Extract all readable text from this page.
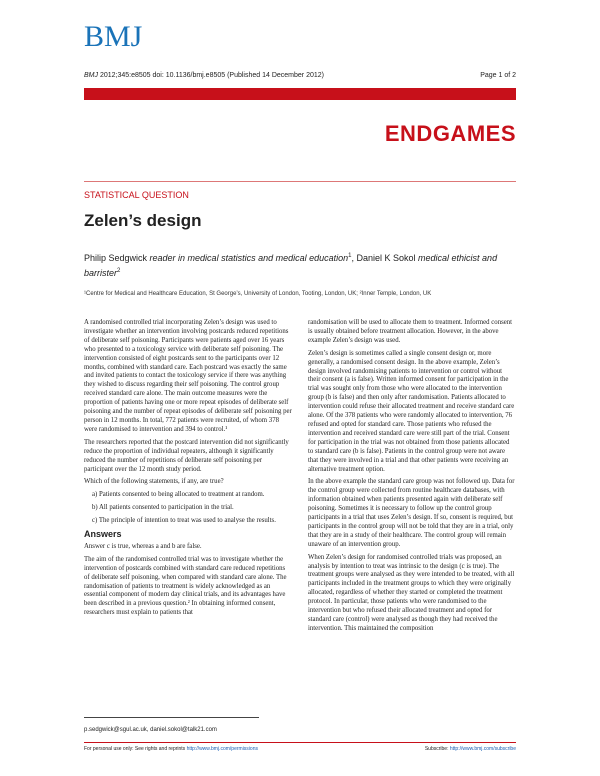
BMJ
BMJ 2012;345:e8505 doi: 10.1136/bmj.e8505 (Published 14 December 2012)	Page 1 of 2
ENDGAMES
STATISTICAL QUESTION
Zelen’s design
Philip Sedgwick reader in medical statistics and medical education$^1$, Daniel K Sokol medical ethicist and barrister$^2$
¹Centre for Medical and Healthcare Education, St George’s, University of London, Tooting, London, UK; ²Inner Temple, London, UK

A randomised controlled trial incorporating Zelen’s design was used to investigate whether an intervention involving postcards reduced repetitions of deliberate self poisoning. Participants were patients aged over 16 years who presented to a toxicology service with deliberate self poisoning. The intervention consisted of eight postcards sent to the participants over 12 months, combined with standard care. Each postcard was exactly the same and invited patients to contact the toxicology service if there was anything they wished to discuss regarding their self poisoning. The control group received standard care alone. The main outcome measures were the proportion of patients having one or more repeat episodes of deliberate self poisoning and the number of repeat episodes of deliberate self poisoning per person in 12 months. In total, 772 patients were recruited, of whom 378 were randomised to intervention and 394 to control.¹

The researchers reported that the postcard intervention did not significantly reduce the proportion of individual repeaters, although it significantly reduced the number of repetitions of deliberate self poisoning per participant over the 12 month study period.

Which of the following statements, if any, are true?

a) Patients consented to being allocated to treatment at random.

b) All patients consented to participation in the trial.

c) The principle of intention to treat was used to analyse the results.

Answers

Answer c is true, whereas a and b are false.

The aim of the randomised controlled trial was to investigate whether the intervention of postcards combined with standard care reduced repetitions of deliberate self poisoning, when compared with standard care alone. The randomisation of patients to treatment is widely acknowledged as an essential component of modern day clinical trials, and its advantages have been described in a previous question.² In obtaining informed consent, researchers must explain to patients that

randomisation will be used to allocate them to treatment. Informed consent is usually obtained before treatment allocation. However, in the above example Zelen’s design was used.

Zelen’s design is sometimes called a single consent design or, more generally, a randomised consent design. In the above example, Zelen’s design involved randomising patients to intervention or control without their consent (a is false). Written informed consent for participation in the trial was sought only from those who were allocated to the intervention group (b is false) and then only after randomisation. Patients allocated to intervention could refuse their allocated treatment and receive standard care alone. Of the 378 patients who were randomly allocated to intervention, 76 refused and opted for standard care. Those patients who refused the intervention and received standard care were still part of the trial. Consent for participation in the trial was not obtained from those patients allocated to standard care (b is false). Patients in the control group were not aware that they were involved in a trial and that other patients were receiving an alternative treatment option.

In the above example the standard care group was not followed up. Data for the control group were collected from routine healthcare databases, with information obtained when patients presented again with deliberate self poisoning. Sometimes it is necessary to follow up the control group participants in a trial that uses Zelen’s design. If so, consent is required, but participants in the control group will not be told that they are in a trial, only that they are in a study of their healthcare. The control group will remain unaware of an intervention group.

When Zelen’s design for randomised controlled trials was proposed, an analysis by intention to treat was intrinsic to the design (c is true). The treatment groups were analysed as they were intended to be treated, with all participants included in the treatment groups to which they were originally allocated, regardless of whether they started or completed the treatment protocol. In particular, those patients who were randomised to the intervention but who refused their allocated treatment and opted for standard care (control) were analysed as though they had received the intervention. This maintained the composition

p.sedgwick@sgul.ac.uk, daniel.sokol@talk21.com
For personal use only: See rights and reprints http://www.bmj.com/permissions	Subscribe: http://www.bmj.com/subscribe
